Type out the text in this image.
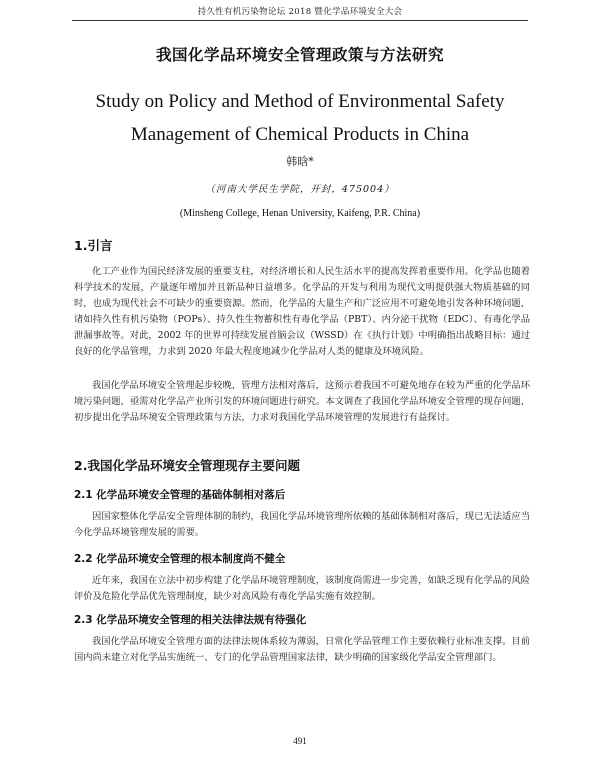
持久性有机污染物论坛 2018 暨化学品环境安全大会
我国化学品环境安全管理政策与方法研究
Study on Policy and Method of Environmental Safety
Management of Chemical Products in China
韩晗*
（河南大学民生学院，开封，475004）
(Minsheng College, Henan University, Kaifeng, P.R. China)
1.引言

化工产业作为国民经济发展的重要支柱，对经济增长和人民生活水平的提高发挥着重要作用。化学品也随着科学技术的发展，产量逐年增加并且新品种日益增多。化学品的开发与利用为现代文明提供强大物质基础的同时，也成为现代社会不可缺少的重要资源。然而，化学品的大量生产和广泛应用不可避免地引发各种环境问题，诸如持久性有机污染物（POPs）、持久性生物蓄积性有毒化学品（PBT）、内分泌干扰物（EDC）、有毒化学品泄漏事故等。对此，2002 年的世界可持续发展首脑会议（WSSD）在《执行计划》中明确指出战略目标：通过良好的化学品管理，力求到 2020 年最大程度地减少化学品对人类的健康及环境风险。

我国化学品环境安全管理起步较晚，管理方法相对落后，这预示着我国不可避免地存在较为严重的化学品环境污染问题，亟需对化学品产业所引发的环境问题进行研究。本文调查了我国化学品环境安全管理的现存问题，初步提出化学品环境安全管理政策与方法，力求对我国化学品环境管理的发展进行有益探讨。

2.我国化学品环境安全管理现存主要问题
2.1 化学品环境安全管理的基础体制相对落后

因国家整体化学品安全管理体制的制约，我国化学品环境管理所依赖的基础体制相对落后，现已无法适应当今化学品环境管理发展的需要。

2.2 化学品环境安全管理的根本制度尚不健全

近年来，我国在立法中初步构建了化学品环境管理制度，该制度尚需进一步完善，如缺乏现有化学品的风险评价及危险化学品优先管理制度，缺少对高风险有毒化学品实施有效控制。

2.3 化学品环境安全管理的相关法律法规有待强化

我国化学品环境安全管理方面的法律法规体系较为薄弱，日常化学品管理工作主要依赖行业标准支撑。目前国内尚未建立对化学品实施统一、专门的化学品管理国家法律，缺少明确的国家级化学品安全管理部门。

491
